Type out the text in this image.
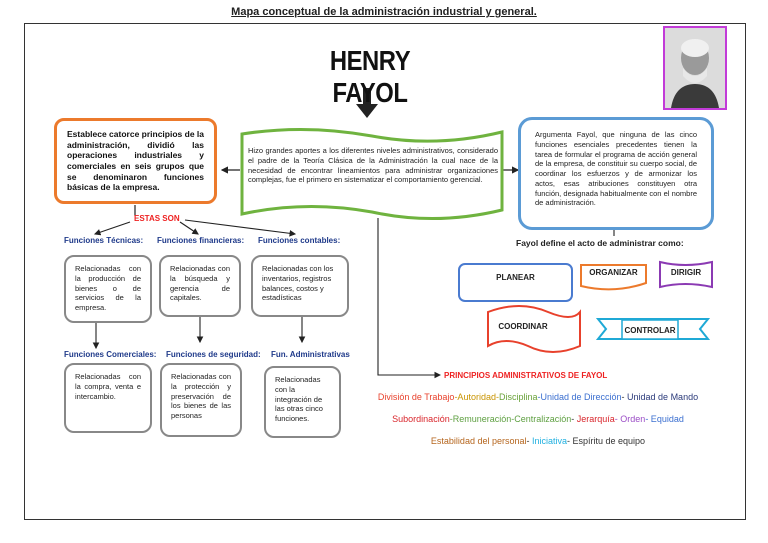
Mapa conceptual de la administración industrial y general.
HENRY FAYOL
Establece catorce principios de la administración, dividió las operaciones industriales y comerciales en seis grupos que se denominaron funciones básicas de la empresa.
Hizo grandes aportes a los diferentes niveles administrativos, considerado el padre de la Teoría Clásica de la Administración la cual nace de la necesidad de encontrar lineamientos para administrar organizaciones complejas, fue el primero en sistematizar el comportamiento gerencial.
Argumenta Fayol, que ninguna de las cinco funciones esenciales precedentes tienen la tarea de formular el programa de acción general de la empresa, de constituir su cuerpo social, de coordinar los esfuerzos y de armonizar los actos, esas atribuciones constituyen otra función, designada habitualmente con el nombre de administración.
ESTAS SON
Funciones Técnicas: Funciones financieras: Funciones contables:
Relacionadas con la producción de bienes o de servicios de la empresa.
Relacionadas con la búsqueda y gerencia de capitales.
Relacionadas con los inventarios, registros balances, costos y estadísticas
Funciones Comerciales: Funciones de seguridad: Fun. Administrativas
Relacionadas con la compra, venta e intercambio.
Relacionadas con la protección y preservación de los bienes de las personas
Relacionadas con la integración de las otras cinco funciones.
Fayol define el acto de administrar como:
PLANEAR
ORGANIZAR	DIRIGIR
COORDINAR	CONTROLAR
PRINCIPIOS ADMINISTRATIVOS DE FAYOL
División de Trabajo-Autoridad-Disciplina-Unidad de Dirección- Unidad de Mando
Subordinación-Remuneración-Centralización- Jerarquía- Orden- Equidad
Estabilidad del personal- Iniciativa- Espíritu de equipo
